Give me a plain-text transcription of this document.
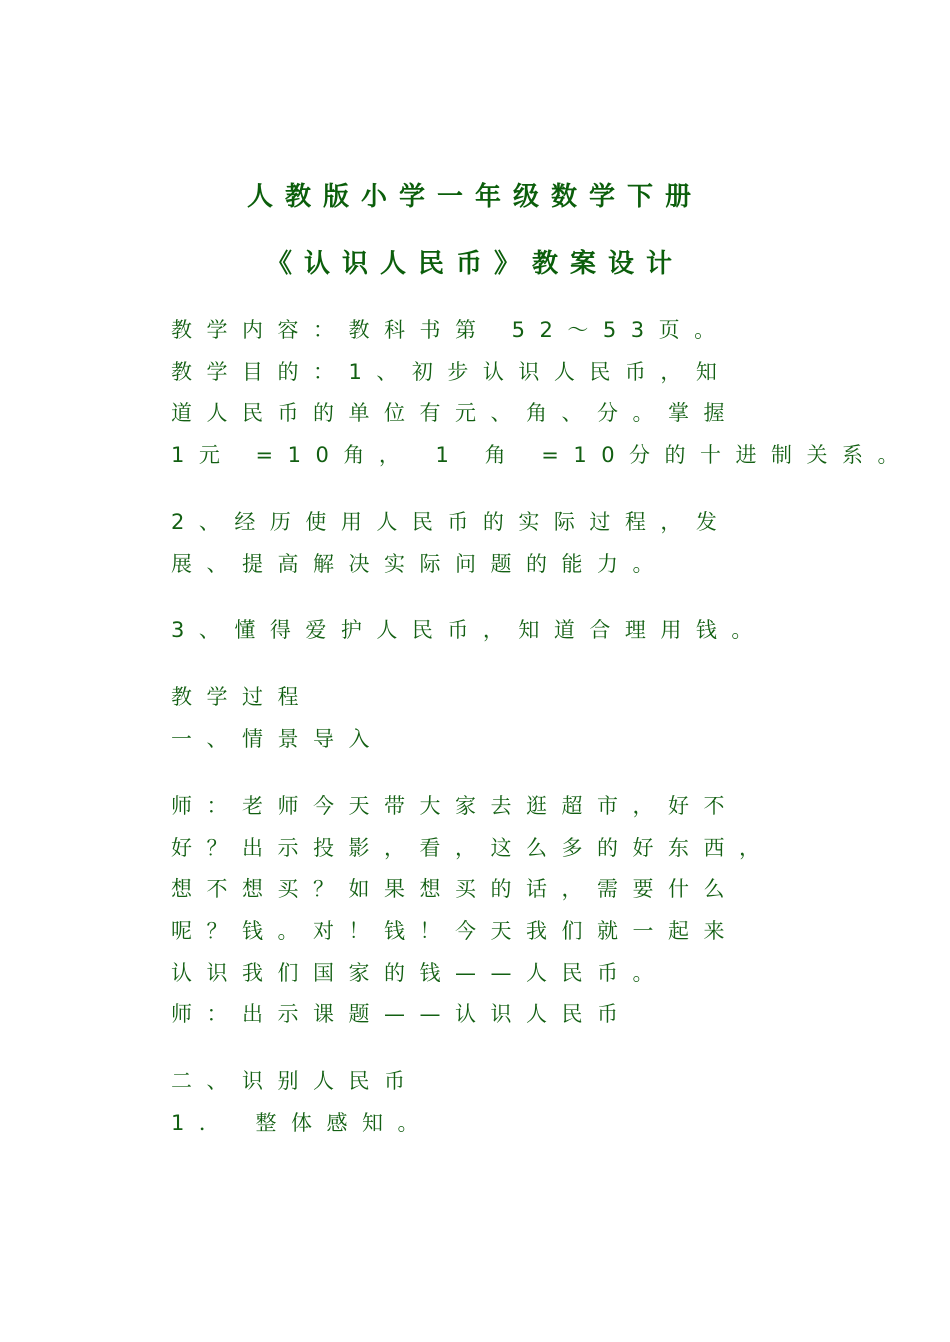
人教版小学一年级数学下册
《认识人民币》教案设计
教学内容：教科书第 52～53页。
教学目的：1、初步认识人民币，知
道人民币的单位有元、角、分。掌握
1元 =10角， 1 角 =10分的十进制关系。
2、经历使用人民币的实际过程，发
展、提高解决实际问题的能力。
3、懂得爱护人民币，知道合理用钱。
教学过程
一、情景导入
师：老师今天带大家去逛超市，好不
好？出示投影，看，这么多的好东西，
想不想买？如果想买的话，需要什么
呢？钱。对！钱！今天我们就一起来
认识我们国家的钱——人民币。
师：出示课题——认识人民币
二、识别人民币
1． 整体感知。
